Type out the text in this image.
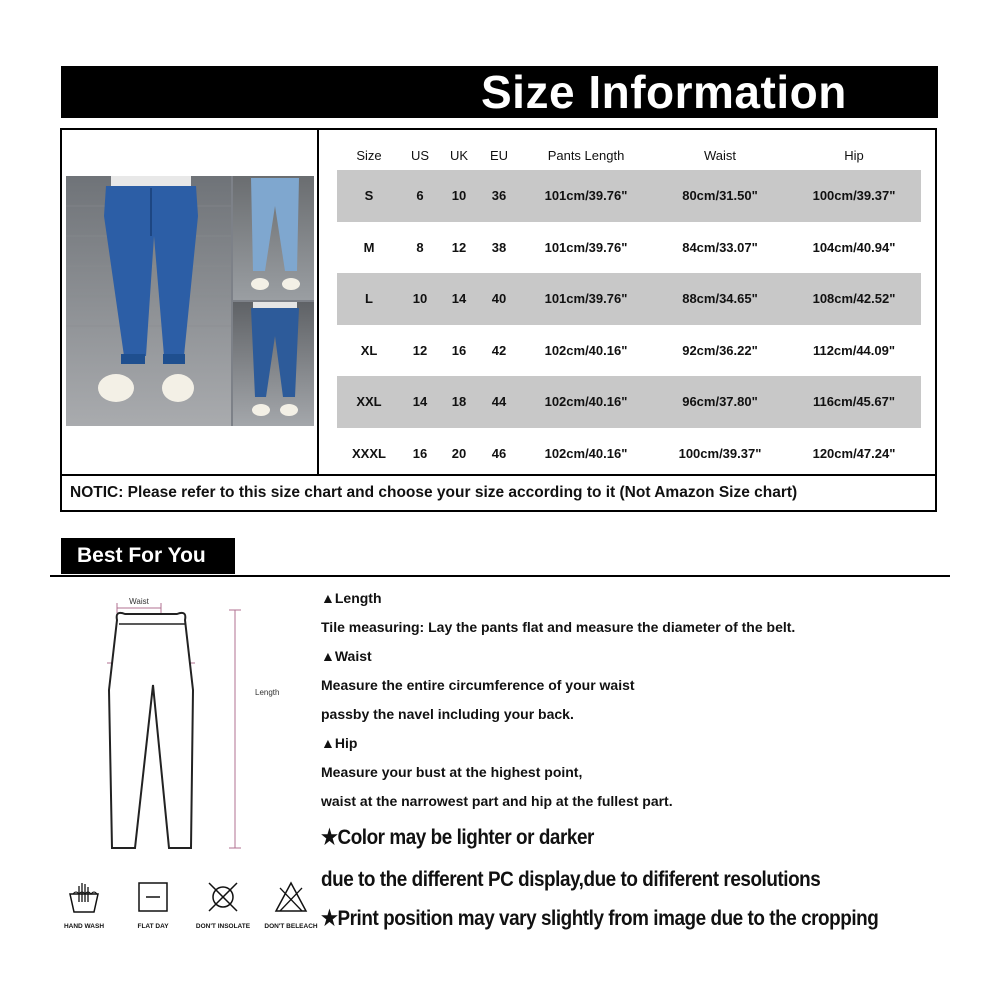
Size Information
Size	US	UK	EU	Pants Length	Waist	Hip
S	6	10	36	101cm/39.76"	80cm/31.50"	100cm/39.37"
M	8	12	38	101cm/39.76"	84cm/33.07"	104cm/40.94"
L	10	14	40	101cm/39.76"	88cm/34.65"	108cm/42.52"
XL	12	16	42	102cm/40.16"	92cm/36.22"	112cm/44.09"
XXL	14	18	44	102cm/40.16"	96cm/37.80"	116cm/45.67"
XXXL	16	20	46	102cm/40.16"	100cm/39.37"	120cm/47.24"
NOTIC: Please refer to this size chart and choose your size according to it (Not Amazon Size chart)
Best For You
Waist
Length
HAND WASH	FLAT DAY	DON'T INSOLATE	DON'T BELEACH
▲Length
Tile measuring: Lay the pants flat and measure the diameter of the belt.
▲Waist
Measure the entire circumference of your waist
passby the navel including your back.
▲Hip
Measure your bust at the highest point,
waist at the narrowest part and hip at the fullest part.
★Color may be lighter or darker
due to the different PC display,due to dififerent resolutions
★Print position may vary slightly from image due to the cropping
